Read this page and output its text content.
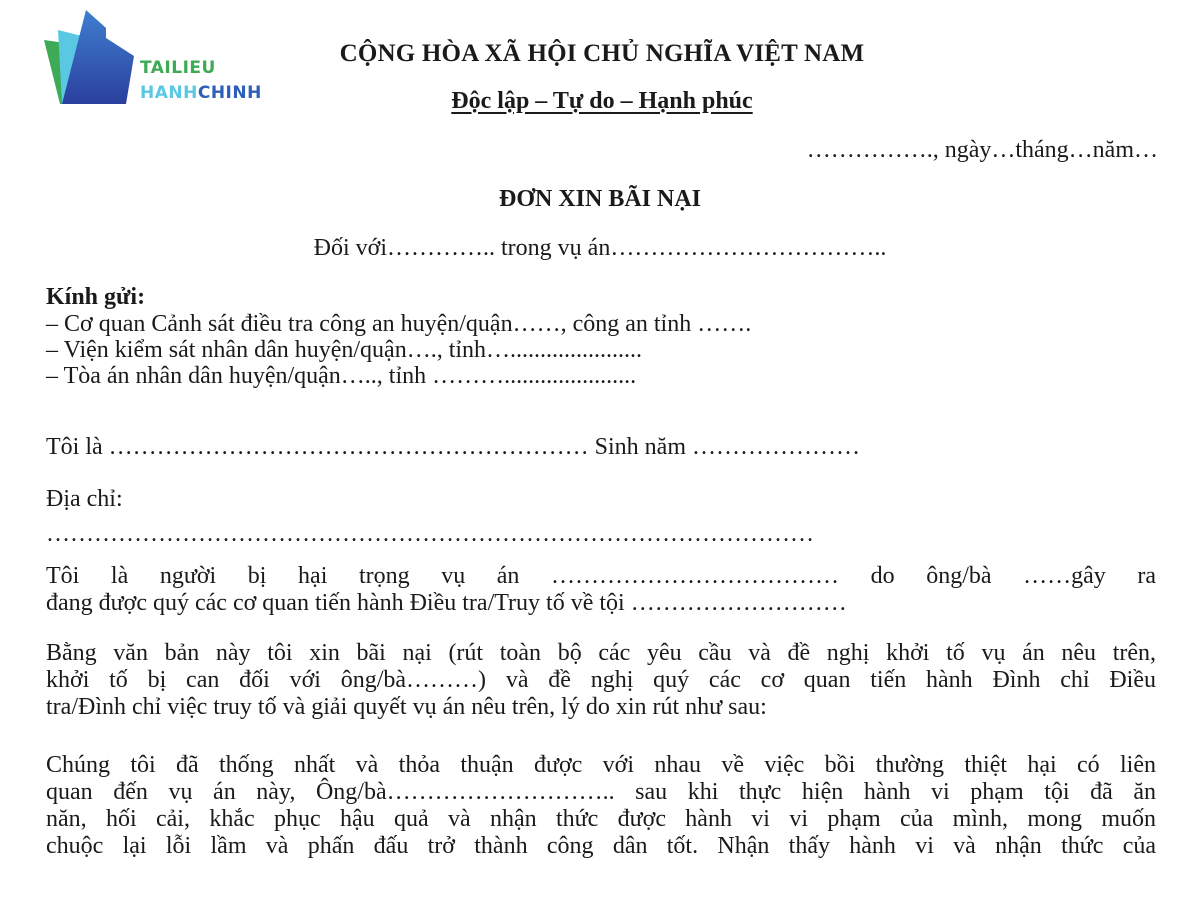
TAILIEU
HANHCHINH
CỘNG HÒA XÃ HỘI CHỦ NGHĨA VIỆT NAM
Độc lập – Tự do – Hạnh phúc
……………., ngày…tháng…năm…
ĐƠN XIN BÃI NẠI
Đối với………….. trong vụ án……………………………..
Kính gửi:
– Cơ quan Cảnh sát điều tra công an huyện/quận……, công an tỉnh …….
– Viện kiểm sát nhân dân huyện/quận…., tỉnh…......................
– Tòa án nhân dân huyện/quận….., tỉnh ………......................
Tôi là …………………………………………………… Sinh năm …………………
Địa chỉ:
……………………………………………………………………………………
Tôi là người bị hại trọng vụ án ……………………………… do ông/bà ……gây ra
đang được quý các cơ quan tiến hành Điều tra/Truy tố về tội ………………………
Bằng văn bản này tôi xin bãi nại (rút toàn bộ các yêu cầu và đề nghị khởi tố vụ án nêu trên,
khởi tố bị can đối với ông/bà………) và đề nghị quý các cơ quan tiến hành Đình chỉ Điều
tra/Đình chỉ việc truy tố và giải quyết vụ án nêu trên, lý do xin rút như sau:
Chúng tôi đã thống nhất và thỏa thuận được với nhau về việc bồi thường thiệt hại có liên
quan đến vụ án này, Ông/bà……………………….. sau khi thực hiện hành vi phạm tội đã ăn
năn, hối cải, khắc phục hậu quả và nhận thức được hành vi vi phạm của mình, mong muốn
chuộc lại lỗi lầm và phấn đấu trở thành công dân tốt. Nhận thấy hành vi và nhận thức của
